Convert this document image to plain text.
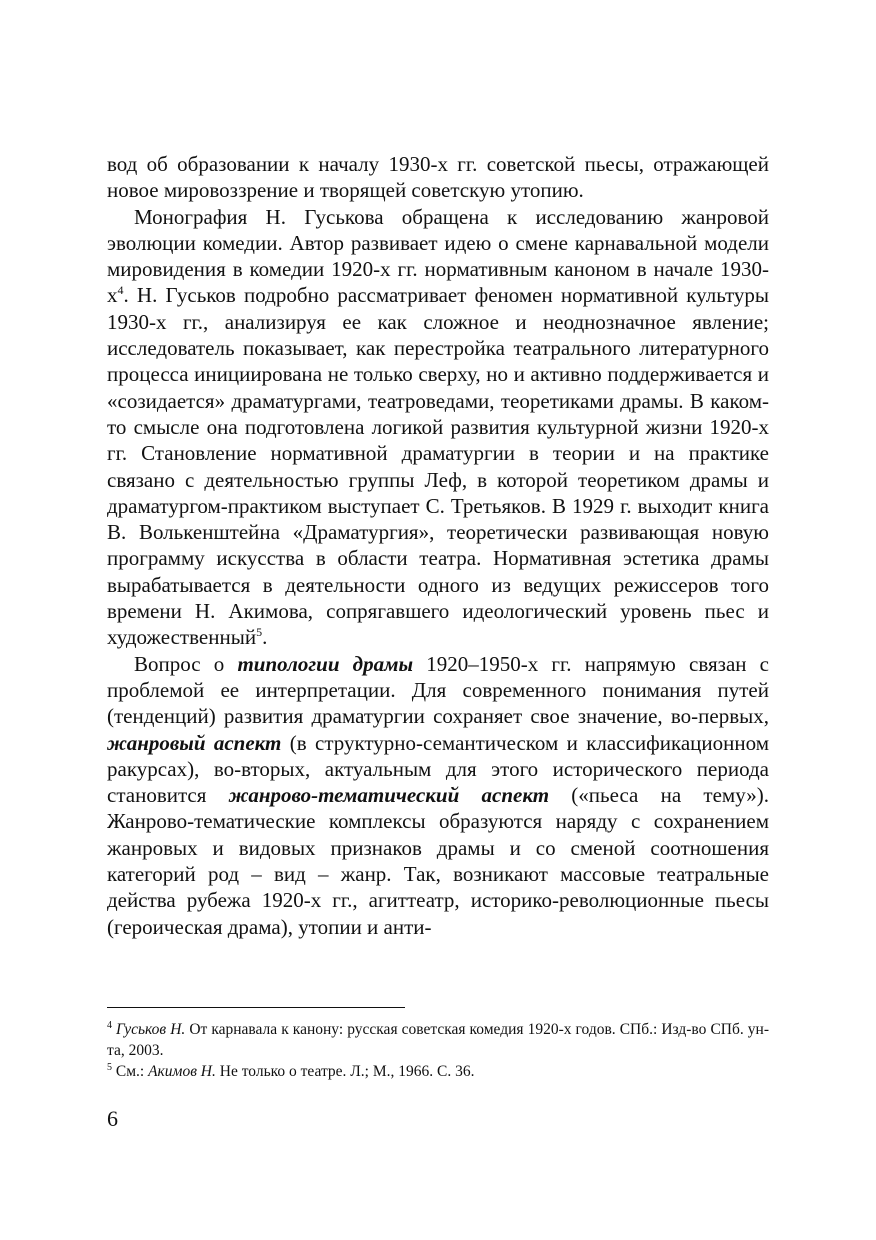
вод об образовании к началу 1930-х гг. советской пьесы, отражающей новое мировоззрение и творящей советскую утопию.

Монография Н. Гуськова обращена к исследованию жанровой эволюции комедии. Автор развивает идею о смене карнавальной модели мировидения в комедии 1920-х гг. нормативным каноном в начале $1930-х^4$. Н. Гуськов подробно рассматривает феномен нормативной культуры 1930-х гг., анализируя ее как сложное и неоднозначное явление; исследователь показывает, как перестройка театрального литературного процесса инициирована не только сверху, но и активно поддерживается и «созидается» драматургами, театроведами, теоретиками драмы. В каком-то смысле она подготовлена логикой развития культурной жизни 1920-х гг. Становление нормативной драматургии в теории и на практике связано с деятельностью группы Леф, в которой теоретиком драмы и драматургом-практиком выступает С. Третьяков. В 1929 г. выходит книга В. Волькенштейна «Драматургия», теоретически развивающая новую программу искусства в области театра. Нормативная эстетика драмы вырабатывается в деятельности одного из ведущих режиссеров того времени Н. Акимова, сопрягавшего идеологический уровень пьес и художественный$^5$.

Вопрос о типологии драмы 1920–1950-х гг. напрямую связан с проблемой ее интерпретации. Для современного понимания путей (тенденций) развития драматургии сохраняет свое значение, во-первых, жанровый аспект (в структурно-семантическом и классификационном ракурсах), во-вторых, актуальным для этого исторического периода становится жанрово-тематический аспект («пьеса на тему»). Жанрово-тематические комплексы образуются наряду с сохранением жанровых и видовых признаков драмы и со сменой соотношения категорий род – вид – жанр. Так, возникают массовые театральные действа рубежа 1920-х гг., агиттеатр, историко-революционные пьесы (героическая драма), утопии и анти-

$^4$ Гуськов Н. От карнавала к канону: русская советская комедия 1920-х годов. СПб.: Изд-во СПб. ун-та, 2003.

$^5$ См.: Акимов Н. Не только о театре. Л.; М., 1966. С. 36.

6
